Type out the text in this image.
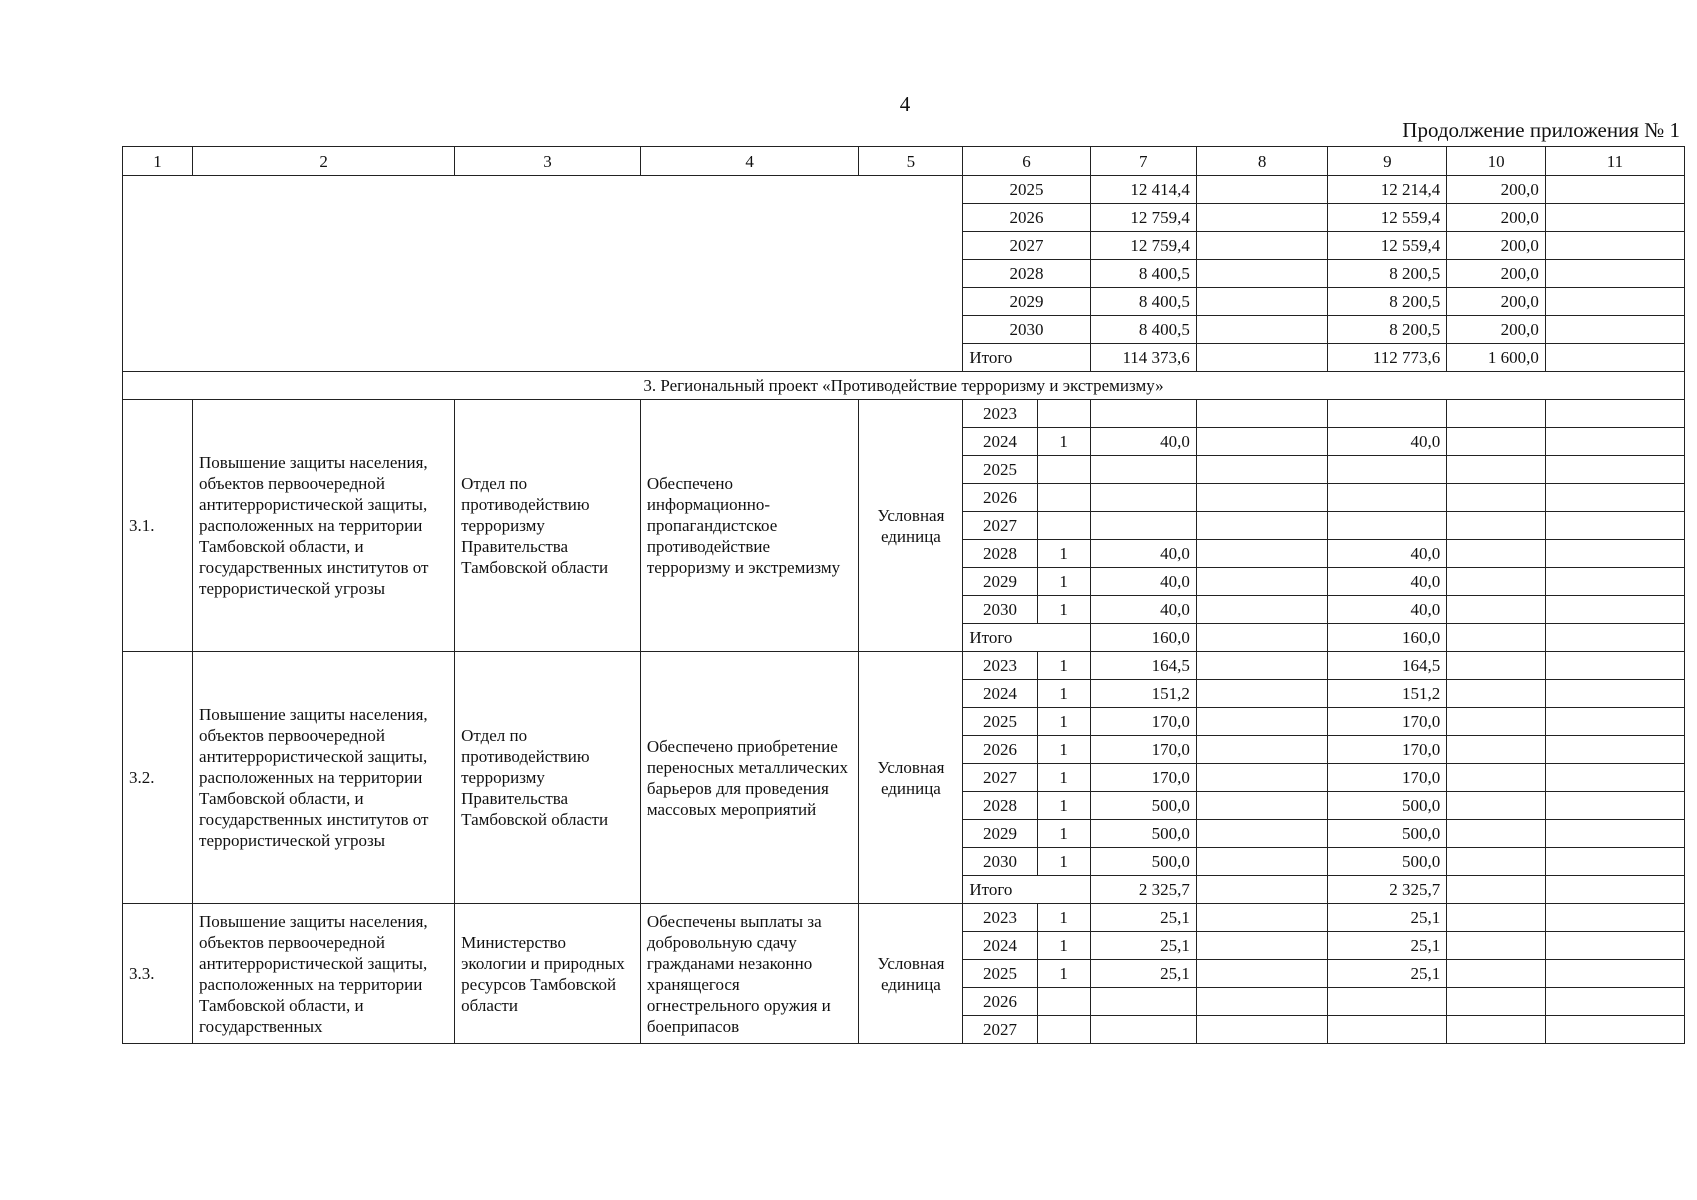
4
Продолжение приложения № 1
1	2	3	4	5	6		7	8	9	10	11
					2025		12 414,4		12 214,4	200,0	
					2026		12 759,4		12 559,4	200,0	
					2027		12 759,4		12 559,4	200,0	
					2028		8 400,5		8 200,5	200,0	
					2029		8 400,5		8 200,5	200,0	
					2030		8 400,5		8 200,5	200,0	
					Итого		114 373,6		112 773,6	1 600,0	
3. Региональный проект «Противодействие терроризму и экстремизму»											
3.1.	Повышение защиты населения, объектов первоочередной антитеррористической защиты, расположенных на территории Тамбовской области, и государственных институтов от террористической угрозы	Отдел по противодействию терроризму Правительства Тамбовской области	Обеспечено информационно-пропагандистское противодействие терроризму и экстремизму	Условная единица	2023						
					2024	1	40,0		40,0		
					2025						
					2026						
					2027						
					2028	1	40,0		40,0		
					2029	1	40,0		40,0		
					2030	1	40,0		40,0		
					Итого		160,0		160,0		
3.2.	Повышение защиты населения, объектов первоочередной антитеррористической защиты, расположенных на территории Тамбовской области, и государственных институтов от террористической угрозы	Отдел по противодействию терроризму Правительства Тамбовской области	Обеспечено приобретение переносных металлических барьеров для проведения массовых мероприятий	Условная единица	2023	1	164,5		164,5		
					2024	1	151,2		151,2		
					2025	1	170,0		170,0		
					2026	1	170,0		170,0		
					2027	1	170,0		170,0		
					2028	1	500,0		500,0		
					2029	1	500,0		500,0		
					2030	1	500,0		500,0		
					Итого		2 325,7		2 325,7		
3.3.	Повышение защиты населения, объектов первоочередной антитеррористической защиты, расположенных на территории Тамбовской области, и государственных	Министерство экологии и природных ресурсов Тамбовской области	Обеспечены выплаты за добровольную сдачу гражданами незаконно хранящегося огнестрельного оружия и боеприпасов	Условная единица	2023	1	25,1		25,1		
					2024	1	25,1		25,1		
					2025	1	25,1		25,1		
					2026						
					2027						
